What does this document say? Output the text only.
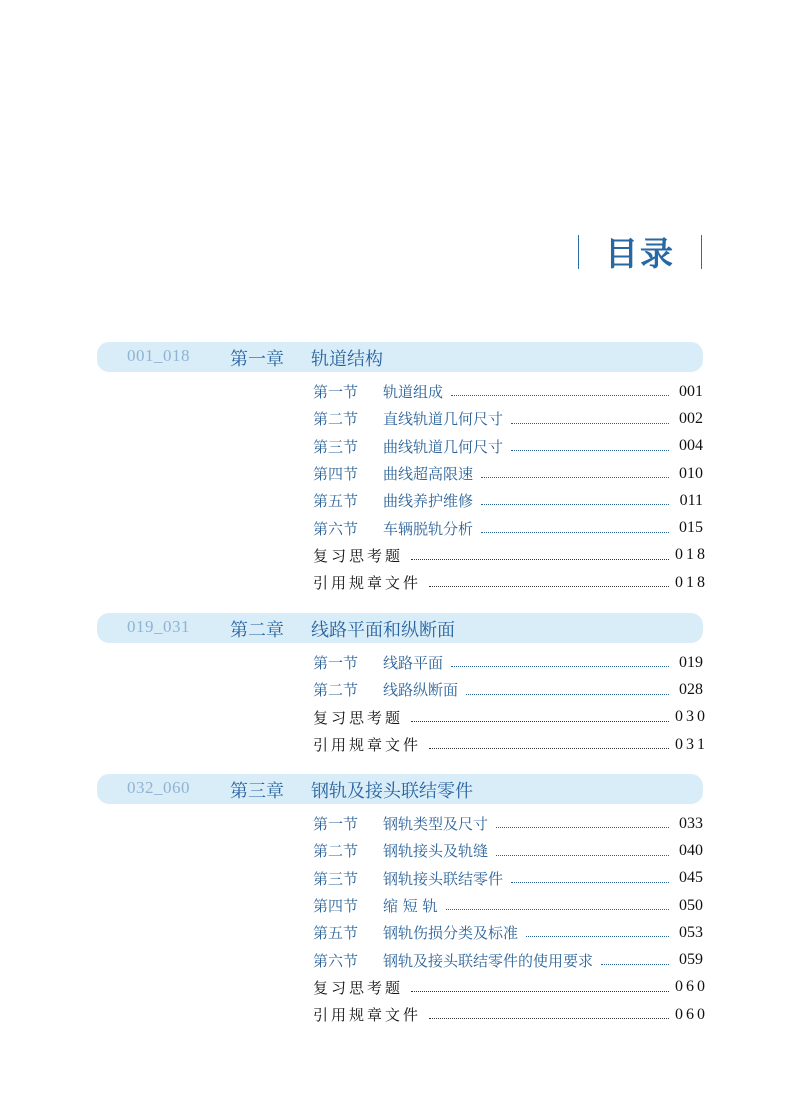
目录
001_018 第一章 轨道结构
第一节	轨道组成	001
第二节	直线轨道几何尺寸	002
第三节	曲线轨道几何尺寸	004
第四节	曲线超高限速	010
第五节	曲线养护维修	011
第六节	车辆脱轨分析	015
复习思考题	018
引用规章文件	018
019_031 第二章 线路平面和纵断面
第一节	线路平面	019
第二节	线路纵断面	028
复习思考题	030
引用规章文件	031
032_060 第三章 钢轨及接头联结零件
第一节	钢轨类型及尺寸	033
第二节	钢轨接头及轨缝	040
第三节	钢轨接头联结零件	045
第四节	缩 短 轨	050
第五节	钢轨伤损分类及标准	053
第六节	钢轨及接头联结零件的使用要求	059
复习思考题	060
引用规章文件	060
